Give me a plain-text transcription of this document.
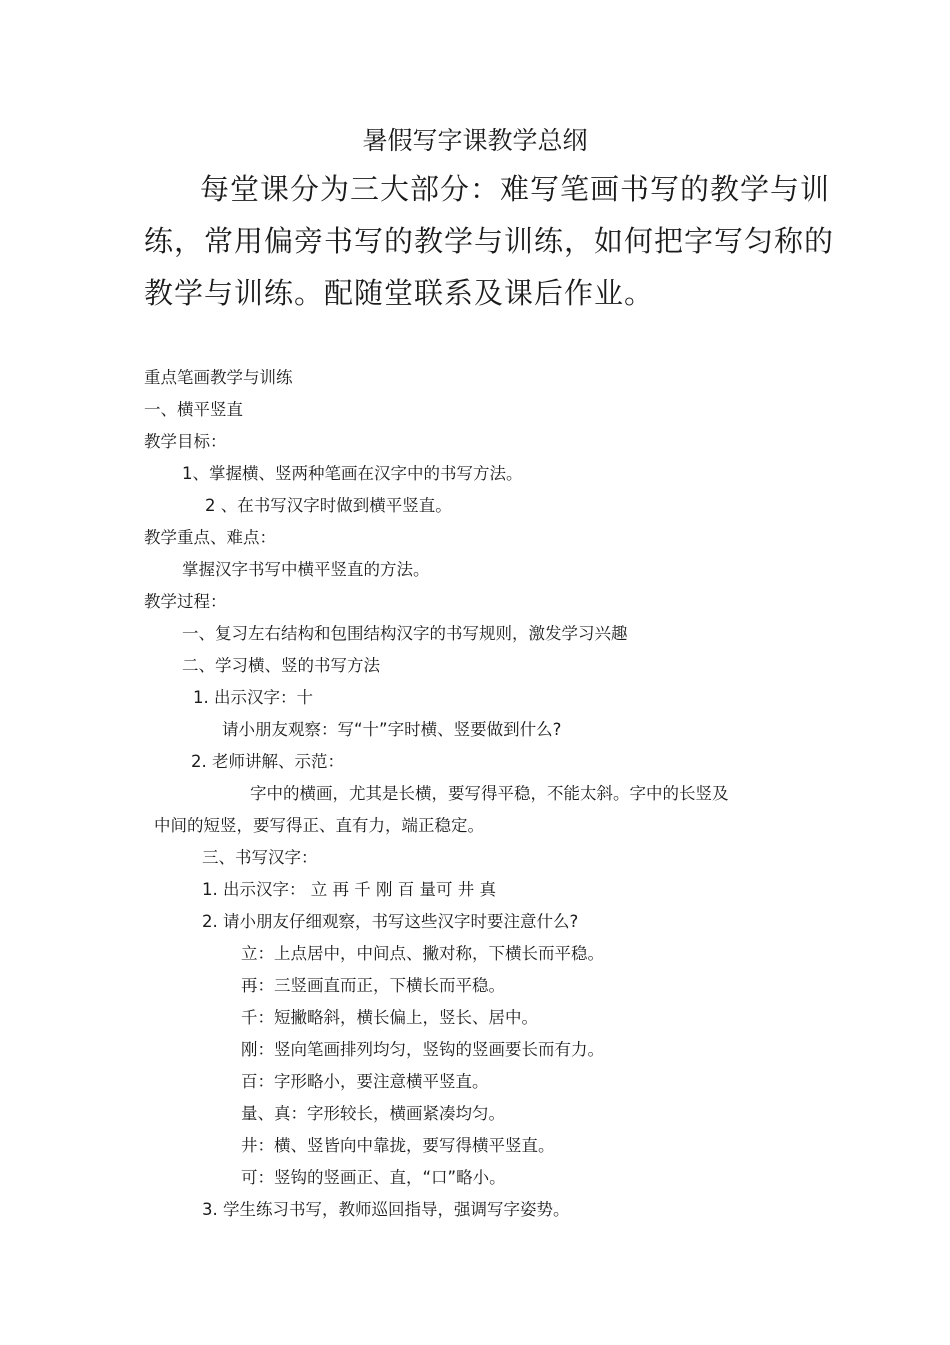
暑假写字课教学总纲
每堂课分为三大部分：难写笔画书写的教学与训
练，常用偏旁书写的教学与训练，如何把字写匀称的
教学与训练。配随堂联系及课后作业。
重点笔画教学与训练
一、横平竖直
教学目标：
1、掌握横、竖两种笔画在汉字中的书写方法。
2 、在书写汉字时做到横平竖直。
教学重点、难点：
掌握汉字书写中横平竖直的方法。
教学过程：
一、复习左右结构和包围结构汉字的书写规则，激发学习兴趣
二、学习横、竖的书写方法
1. 出示汉字：十
请小朋友观察：写“十”字时横、竖要做到什么?
2. 老师讲解、示范：
字中的横画，尤其是长横，要写得平稳，不能太斜。字中的长竖及
中间的短竖，要写得正、直有力，端正稳定。
三、书写汉字：
1. 出示汉字： 立 再 千 刚 百 量可 井 真
2. 请小朋友仔细观察，书写这些汉字时要注意什么?
立：上点居中，中间点、撇对称，下横长而平稳。
再：三竖画直而正，下横长而平稳。
千：短撇略斜，横长偏上，竖长、居中。
刚：竖向笔画排列均匀，竖钩的竖画要长而有力。
百：字形略小，要注意横平竖直。
量、真：字形较长，横画紧凑均匀。
井：横、竖皆向中靠拢，要写得横平竖直。
可：竖钩的竖画正、直，“口”略小。
3. 学生练习书写，教师巡回指导，强调写字姿势。
